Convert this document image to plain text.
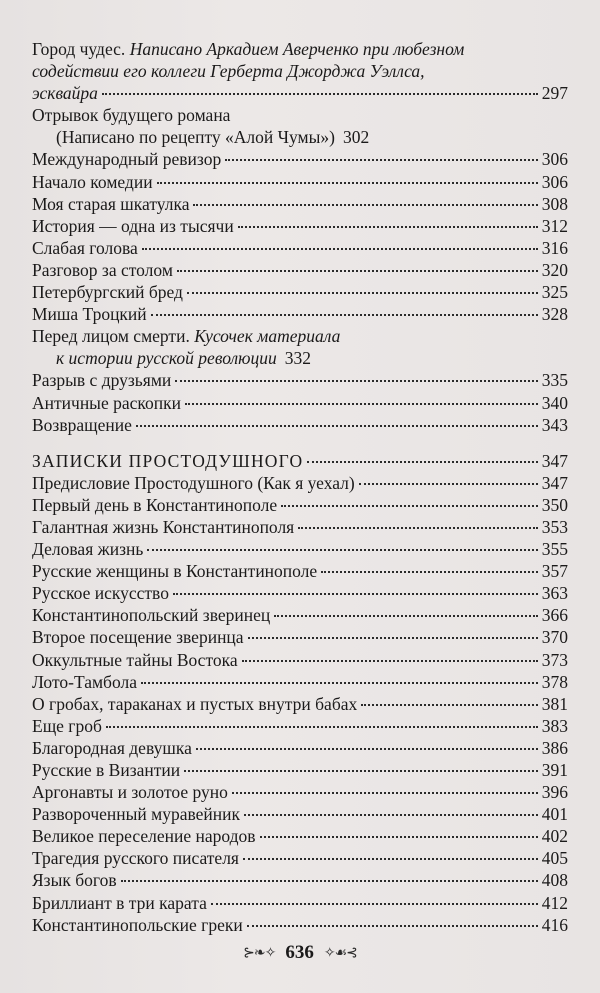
Город чудес. Написано Аркадием Аверченко при любезном
содействии его коллеги Герберта Джорджа Уэллса,
эсквайра	297
Отрывок будущего романа
(Написано по рецепту «Алой Чумы») 302
Международный ревизор	306
Начало комедии	306
Моя старая шкатулка	308
История — одна из тысячи	312
Слабая голова	316
Разговор за столом	320
Петербургский бред	325
Миша Троцкий	328
Перед лицом смерти. Кусочек материала
к истории русской революции 332
Разрыв с друзьями	335
Античные раскопки	340
Возвращение	343
ЗАПИСКИ ПРОСТОДУШНОГО	347
Предисловие Простодушного (Как я уехал)	347
Первый день в Константинополе	350
Галантная жизнь Константинополя	353
Деловая жизнь	355
Русские женщины в Константинополе	357
Русское искусство	363
Константинопольский зверинец	366
Второе посещение зверинца	370
Оккультные тайны Востока	373
Лото-Тамбола	378
О гробах, тараканах и пустых внутри бабах	381
Еще гроб	383
Благородная девушка	386
Русские в Византии	391
Аргонавты и золотое руно	396
Развороченный муравейник	401
Великое переселение народов	402
Трагедия русского писателя	405
Язык богов	408
Бриллиант в три карата	412
Константинопольские греки	416
⊱❧✧ 636 ✧☙⊰
